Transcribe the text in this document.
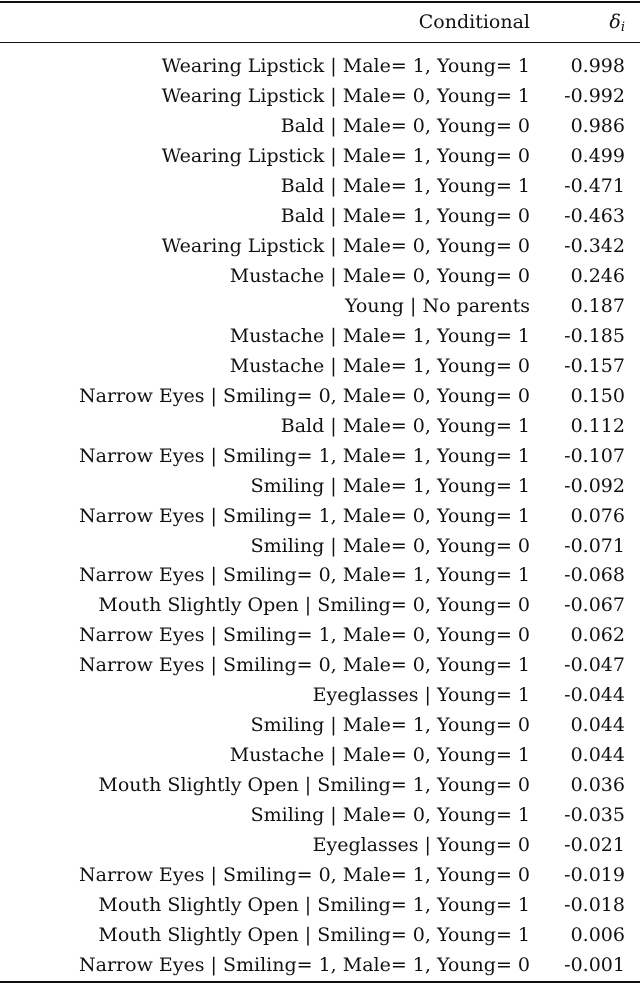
Conditional	$\delta_i$
Wearing Lipstick | Male= 1, Young= 1	0.998
Wearing Lipstick | Male= 0, Young= 1	-0.992
Bald | Male= 0, Young= 0	0.986
Wearing Lipstick | Male= 1, Young= 0	0.499
Bald | Male= 1, Young= 1	-0.471
Bald | Male= 1, Young= 0	-0.463
Wearing Lipstick | Male= 0, Young= 0	-0.342
Mustache | Male= 0, Young= 0	0.246
Young | No parents	0.187
Mustache | Male= 1, Young= 1	-0.185
Mustache | Male= 1, Young= 0	-0.157
Narrow Eyes | Smiling= 0, Male= 0, Young= 0	0.150
Bald | Male= 0, Young= 1	0.112
Narrow Eyes | Smiling= 1, Male= 1, Young= 1	-0.107
Smiling | Male= 1, Young= 1	-0.092
Narrow Eyes | Smiling= 1, Male= 0, Young= 1	0.076
Smiling | Male= 0, Young= 0	-0.071
Narrow Eyes | Smiling= 0, Male= 1, Young= 1	-0.068
Mouth Slightly Open | Smiling= 0, Young= 0	-0.067
Narrow Eyes | Smiling= 1, Male= 0, Young= 0	0.062
Narrow Eyes | Smiling= 0, Male= 0, Young= 1	-0.047
Eyeglasses | Young= 1	-0.044
Smiling | Male= 1, Young= 0	0.044
Mustache | Male= 0, Young= 1	0.044
Mouth Slightly Open | Smiling= 1, Young= 0	0.036
Smiling | Male= 0, Young= 1	-0.035
Eyeglasses | Young= 0	-0.021
Narrow Eyes | Smiling= 0, Male= 1, Young= 0	-0.019
Mouth Slightly Open | Smiling= 1, Young= 1	-0.018
Mouth Slightly Open | Smiling= 0, Young= 1	0.006
Narrow Eyes | Smiling= 1, Male= 1, Young= 0	-0.001
